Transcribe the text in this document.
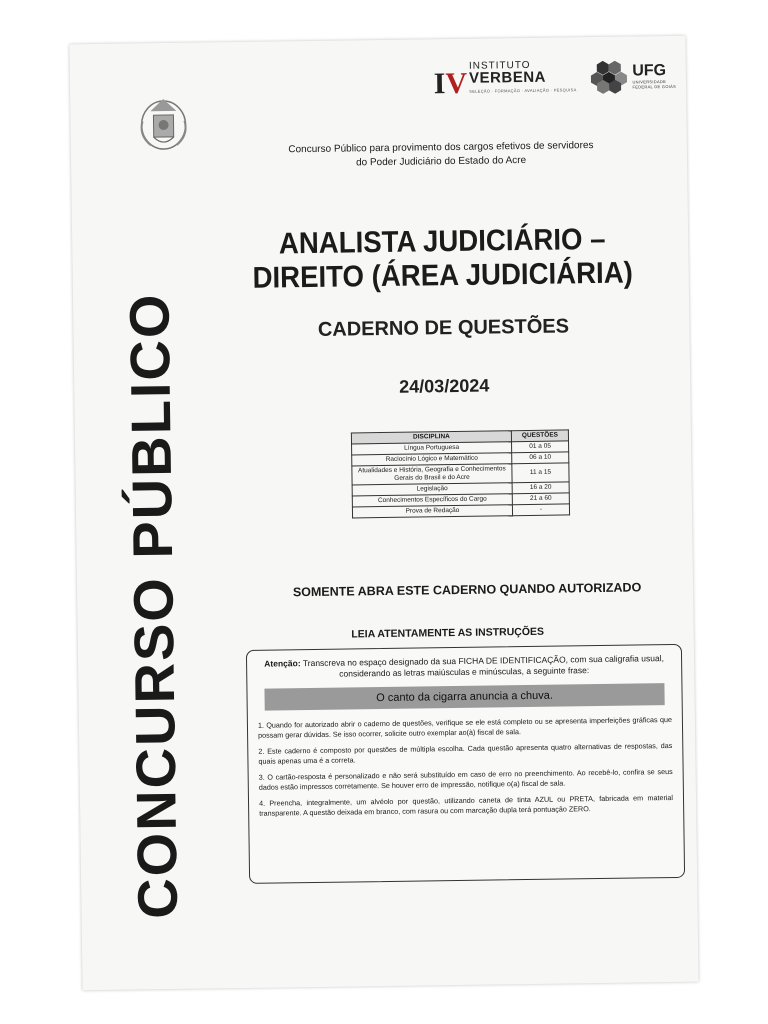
IV
INSTITUTO
VERBENA
SELEÇÃO · FORMAÇÃO · AVALIAÇÃO · PESQUISA
UFG
UNIVERSIDADE
FEDERAL DE GOIÁS
Concurso Público para provimento dos cargos efetivos de servidores
do Poder Judiciário do Estado do Acre
CONCURSO PÚBLICO
ANALISTA JUDICIÁRIO –
DIREITO (ÁREA JUDICIÁRIA)
CADERNO DE QUESTÕES
24/03/2024
DISCIPLINA	QUESTÕES
Língua Portuguesa	01 a 05
Raciocínio Lógico e Matemático	06 a 10
Atualidades e História, Geografia e Conhecimentos Gerais do Brasil e do Acre	11 a 15
Legislação	16 a 20
Conhecimentos Específicos do Cargo	21 a 60
Prova de Redação	-
SOMENTE ABRA ESTE CADERNO QUANDO AUTORIZADO
LEIA ATENTAMENTE AS INSTRUÇÕES
Atenção: Transcreva no espaço designado da sua FICHA DE IDENTIFICAÇÃO, com sua caligrafia usual, considerando as letras maiúsculas e minúsculas, a seguinte frase:
O canto da cigarra anuncia a chuva.
1. Quando for autorizado abrir o caderno de questões, verifique se ele está completo ou se apresenta imperfeições gráficas que possam gerar dúvidas. Se isso ocorrer, solicite outro exemplar ao(à) fiscal de sala.
2. Este caderno é composto por questões de múltipla escolha. Cada questão apresenta quatro alternativas de respostas, das quais apenas uma é a correta.
3. O cartão-resposta é personalizado e não será substituído em caso de erro no preenchimento. Ao recebê-lo, confira se seus dados estão impressos corretamente. Se houver erro de impressão, notifique o(a) fiscal de sala.
4. Preencha, integralmente, um alvéolo por questão, utilizando caneta de tinta AZUL ou PRETA, fabricada em material transparente. A questão deixada em branco, com rasura ou com marcação dupla terá pontuação ZERO.
